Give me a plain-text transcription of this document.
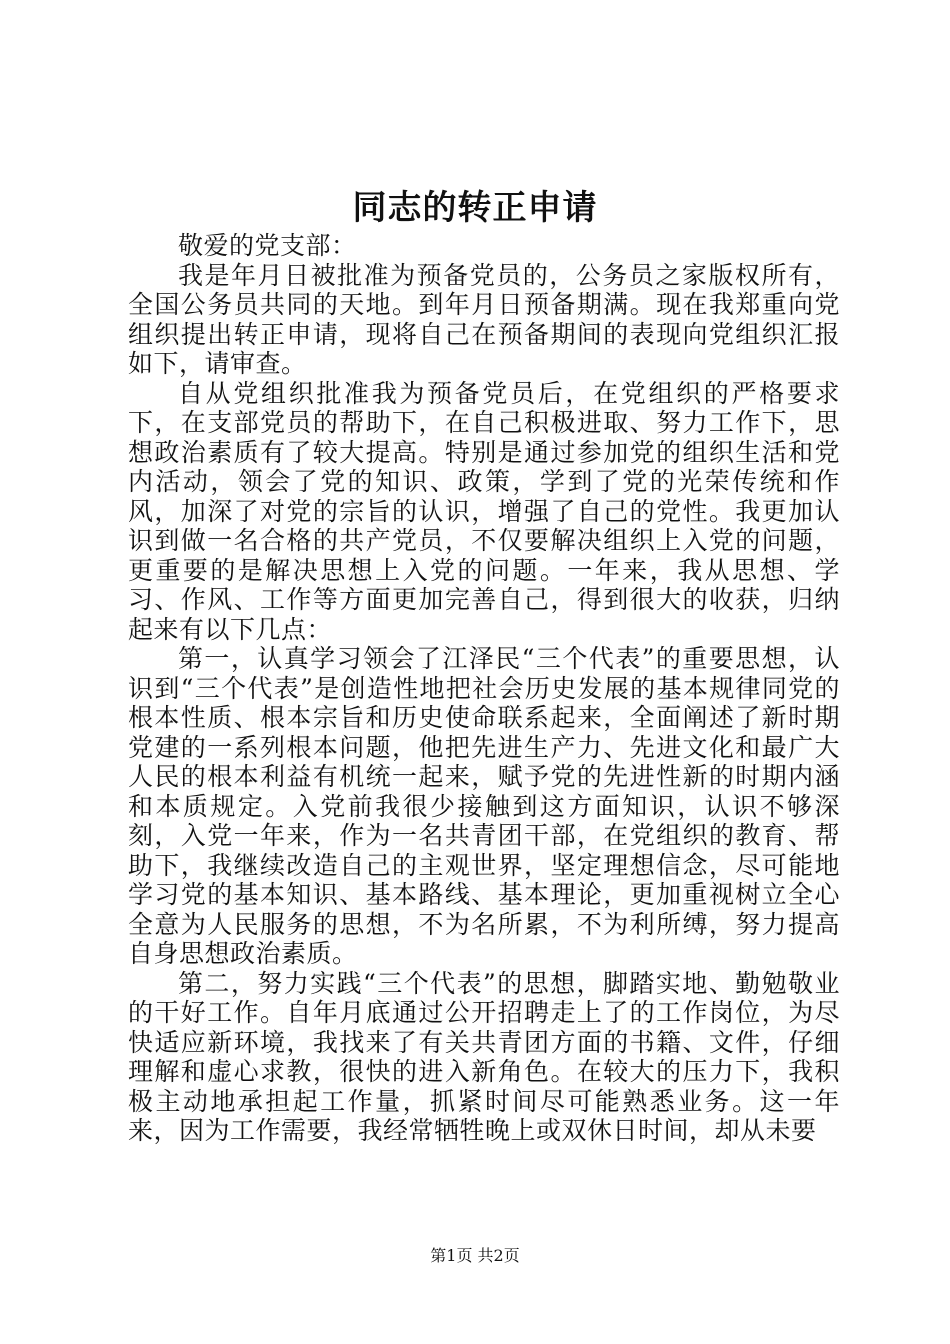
同志的转正申请

敬爱的党支部：

我是年月日被批准为预备党员的，公务员之家版权所有，全国公务员共同的天地。到年月日预备期满。现在我郑重向党组织提出转正申请，现将自己在预备期间的表现向党组织汇报如下，请审查。

自从党组织批准我为预备党员后，在党组织的严格要求下，在支部党员的帮助下，在自己积极进取、努力工作下，思想政治素质有了较大提高。特别是通过参加党的组织生活和党内活动，领会了党的知识、政策，学到了党的光荣传统和作风，加深了对党的宗旨的认识，增强了自己的党性。我更加认识到做一名合格的共产党员，不仅要解决组织上入党的问题，更重要的是解决思想上入党的问题。一年来，我从思想、学习、作风、工作等方面更加完善自己，得到很大的收获，归纳起来有以下几点：

第一，认真学习领会了江泽民“三个代表”的重要思想，认识到“三个代表”是创造性地把社会历史发展的基本规律同党的根本性质、根本宗旨和历史使命联系起来，全面阐述了新时期党建的一系列根本问题，他把先进生产力、先进文化和最广大人民的根本利益有机统一起来，赋予党的先进性新的时期内涵和本质规定。入党前我很少接触到这方面知识，认识不够深刻，入党一年来，作为一名共青团干部，在党组织的教育、帮助下，我继续改造自己的主观世界，坚定理想信念，尽可能地学习党的基本知识、基本路线、基本理论，更加重视树立全心全意为人民服务的思想，不为名所累，不为利所缚，努力提高自身思想政治素质。

第二，努力实践“三个代表”的思想，脚踏实地、勤勉敬业的干好工作。自年月底通过公开招聘走上了的工作岗位，为尽快适应新环境，我找来了有关共青团方面的书籍、文件，仔细理解和虚心求教，很快的进入新角色。在较大的压力下，我积极主动地承担起工作量，抓紧时间尽可能熟悉业务。这一年来，因为工作需要，我经常牺牲晚上或双休日时间，却从未要

第1页 共2页
